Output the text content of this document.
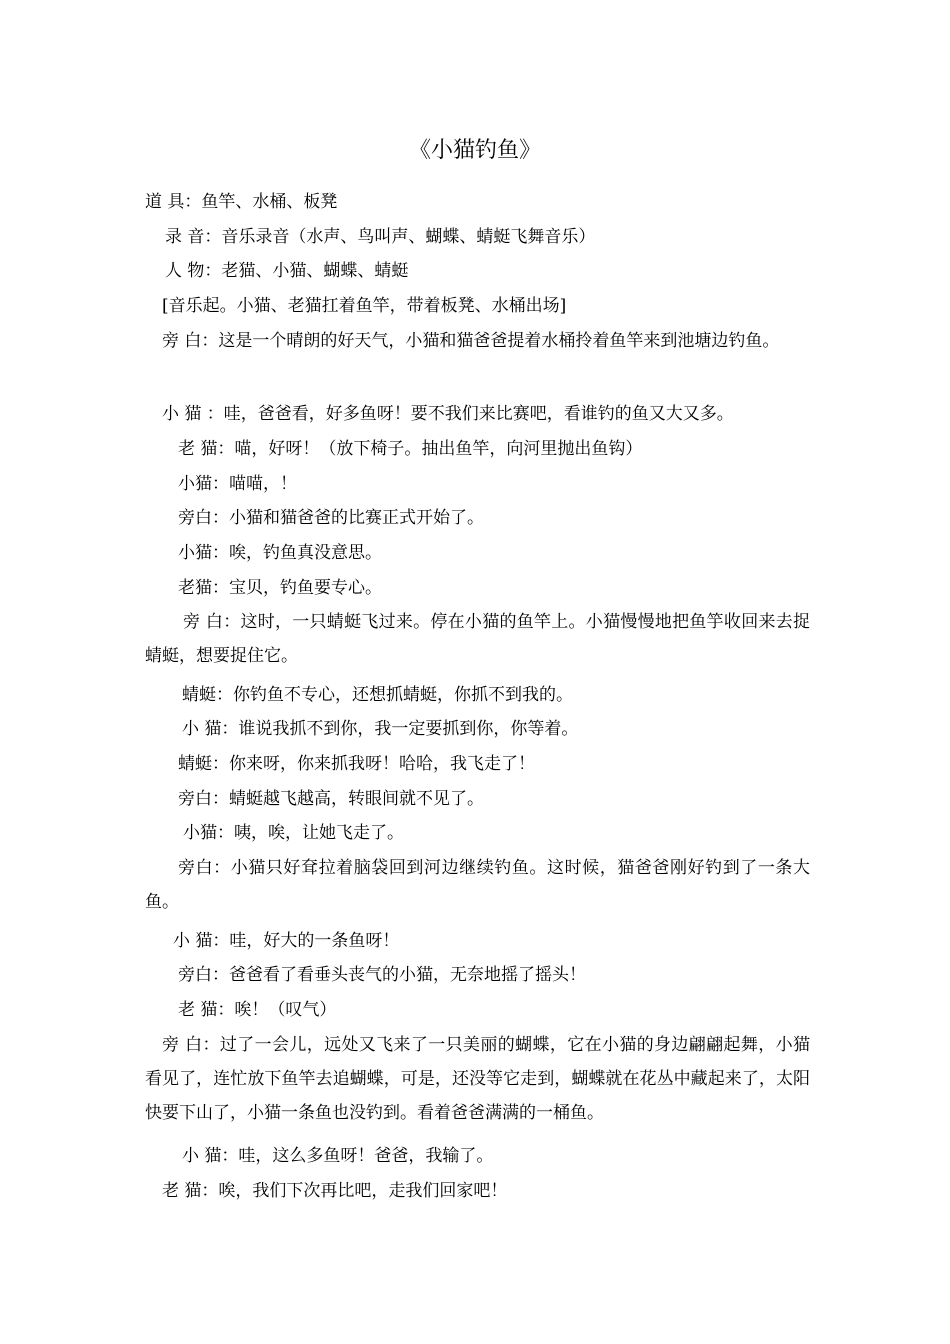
《小猫钓鱼》
道 具：鱼竿、水桶、板凳
录 音：音乐录音（水声、鸟叫声、蝴蝶、蜻蜓飞舞音乐）
人 物：老猫、小猫、蝴蝶、蜻蜓
[音乐起。小猫、老猫扛着鱼竿，带着板凳、水桶出场]
旁 白：这是一个晴朗的好天气，小猫和猫爸爸提着水桶拎着鱼竿来到池塘边钓鱼。
小 猫 ：哇，爸爸看，好多鱼呀！要不我们来比赛吧，看谁钓的鱼又大又多。
老 猫：喵，好呀！（放下椅子。抽出鱼竿，向河里抛出鱼钩）
小猫：喵喵，！
旁白：小猫和猫爸爸的比赛正式开始了。
小猫：唉，钓鱼真没意思。
老猫：宝贝，钓鱼要专心。
旁 白：这时，一只蜻蜓飞过来。停在小猫的鱼竿上。小猫慢慢地把鱼竽收回来去捉蜻蜓，想要捉住它。
蜻蜓：你钓鱼不专心，还想抓蜻蜓，你抓不到我的。
小 猫：谁说我抓不到你，我一定要抓到你，你等着。
蜻蜓：你来呀，你来抓我呀！哈哈，我飞走了！
旁白：蜻蜓越飞越高，转眼间就不见了。
小猫：咦，唉，让她飞走了。
旁白：小猫只好耷拉着脑袋回到河边继续钓鱼。这时候，猫爸爸刚好钓到了一条大鱼。
小 猫：哇，好大的一条鱼呀！
旁白：爸爸看了看垂头丧气的小猫，无奈地摇了摇头！
老 猫：唉！（叹气）
旁 白：过了一会儿，远处又飞来了一只美丽的蝴蝶，它在小猫的身边翩翩起舞，小猫看见了，连忙放下鱼竿去追蝴蝶，可是，还没等它走到，蝴蝶就在花丛中藏起来了，太阳快要下山了，小猫一条鱼也没钓到。看着爸爸满满的一桶鱼。
小 猫：哇，这么多鱼呀！爸爸，我输了。
老 猫：唉，我们下次再比吧，走我们回家吧！
